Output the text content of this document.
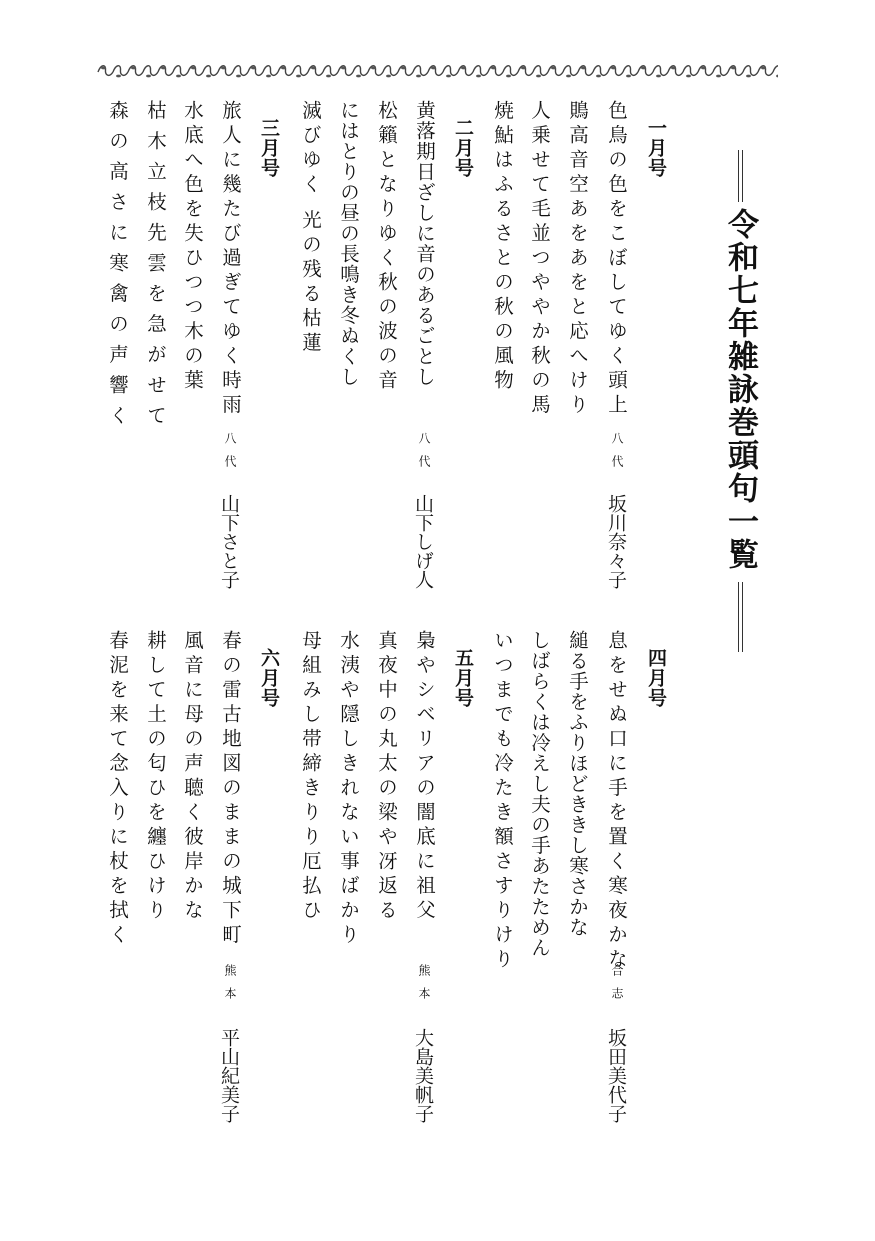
令和七年雑詠巻頭句一覧
一月号
色鳥の色をこぼしてゆく頭上
鵙高音空あをあをと応へけり
人乗せて毛並つややか秋の馬
焼鮎はふるさとの秋の風物
八代
坂川奈々子
二月号
黄落期日ざしに音のあるごとし
松籟となりゆく秋の波の音
にはとりの昼の長鳴き冬ぬくし
滅びゆく 光の残る枯蓮
八代
山下しげ人
三月号
旅人に幾たび過ぎてゆく時雨
水底へ色を失ひつつ木の葉
枯木立枝先雲を急がせて
森の高さに寒禽の声響く
八代
山下さと子
四月号
息をせぬ口に手を置く寒夜かな
縋る手をふりほどききし寒さかな
しばらくは冷えし夫の手あたためん
いつまでも冷たき額さすりけり
合志
坂田美代子
五月号
梟やシベリアの闇底に祖父
真夜中の丸太の梁や冴返る
水洟や隠しきれない事ばかり
母組みし帯締きりり厄払ひ
熊本
大島美帆子
六月号
春の雷古地図のままの城下町
風音に母の声聴く彼岸かな
耕して土の匂ひを纏ひけり
春泥を来て念入りに杖を拭く
熊本
平山紀美子
